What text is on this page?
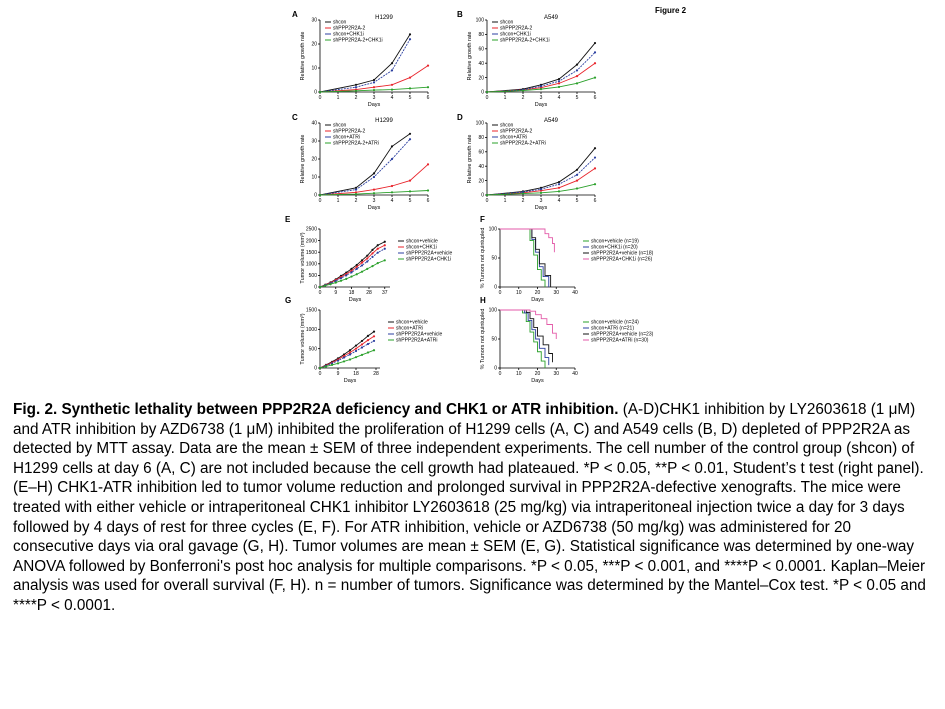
Figure 2
A
0
10
20
30
0	1	2	3	4	5	6
Days
Relative growth rate
H1299
shcon
shPPP2R2A-2
shcon+CHK1i
shPPP2R2A-2+CHK1i
B
0
20
40
60
80
100
0	1	2	3	4	5	6
Days
Relative growth rate
A549
shcon
shPPP2R2A-2
shcon+CHK1i
shPPP2R2A-2+CHK1i
C
0
10
20
30
40
0	1	2	3	4	5	6
Days
Relative growth rate
H1299
shcon
shPPP2R2A-2
shcon+ATRi
shPPP2R2A-2+ATRi
D
0
20
40
60
80
100
0	1	2	3	4	5	6
Days
Relative growth rate
A549
shcon
shPPP2R2A-2
shcon+ATRi
shPPP2R2A-2+ATRi
E
0
500
1000
1500
2000
2500
0	9 18 28 37
Days
Tumor volume (mm³)	shcon+vehicle
shcon+CHK1i
shPPP2R2A+vehicle
shPPP2R2A+CHK1i
F
0
50
100
0	10	20	30	40
Days
% Tumors not quintupled	shcon+vehicle (n=19)
shcon+CHK1i (n=20)
shPPP2R2A+vehicle (n=18)
shPPP2R2A+CHK1i (n=26)
G
0
500
1000
1500
0	9	18	28
Days
Tumor volume (mm³)	shcon+vehicle
shcon+ATRi
shPPP2R2A+vehicle
shPPP2R2A+ATRi
H
0
50
100
0	10	20	30	40
Days
% Tumors not quintupled	shcon+vehicle (n=24)
shcon+ATRi (n=21)
shPPP2R2A+vehicle (n=23)
shPPP2R2A+ATRi (n=30)
Fig. 2. Synthetic lethality between PPP2R2A deficiency and CHK1 or ATR inhibition. (A-D)CHK1 inhibition by LY2603618 (1 μM) and ATR inhibition by AZD6738 (1 μM) inhibited the proliferation of H1299 cells (A, C) and A549 cells (B, D) depleted of PPP2R2A as detected by MTT assay. Data are the mean ± SEM of three independent experiments. The cell number of the control group (shcon) of H1299 cells at day 6 (A, C) are not included because the cell growth had plateaued. *P < 0.05, **P < 0.01, Student’s t test (right panel). (E–H) CHK1-ATR inhibition led to tumor volume reduction and prolonged survival in PPP2R2A-defective xenografts. The mice were treated with either vehicle or intraperitoneal CHK1 inhibitor LY2603618 (25 mg/kg) via intraperitoneal injection twice a day for 3 days followed by 4 days of rest for three cycles (E, F). For ATR inhibition, vehicle or AZD6738 (50 mg/kg) was administered for 20 consecutive days via oral gavage (G, H). Tumor volumes are mean ± SEM (E, G). Statistical significance was determined by one-way ANOVA followed by Bonferroni's post hoc analysis for multiple comparisons. *P < 0.05, ***P < 0.001, and ****P < 0.0001. Kaplan–Meier analysis was used for overall survival (F, H). n = number of tumors. Significance was determined by the Mantel–Cox test. *P < 0.05 and ****P < 0.0001.
